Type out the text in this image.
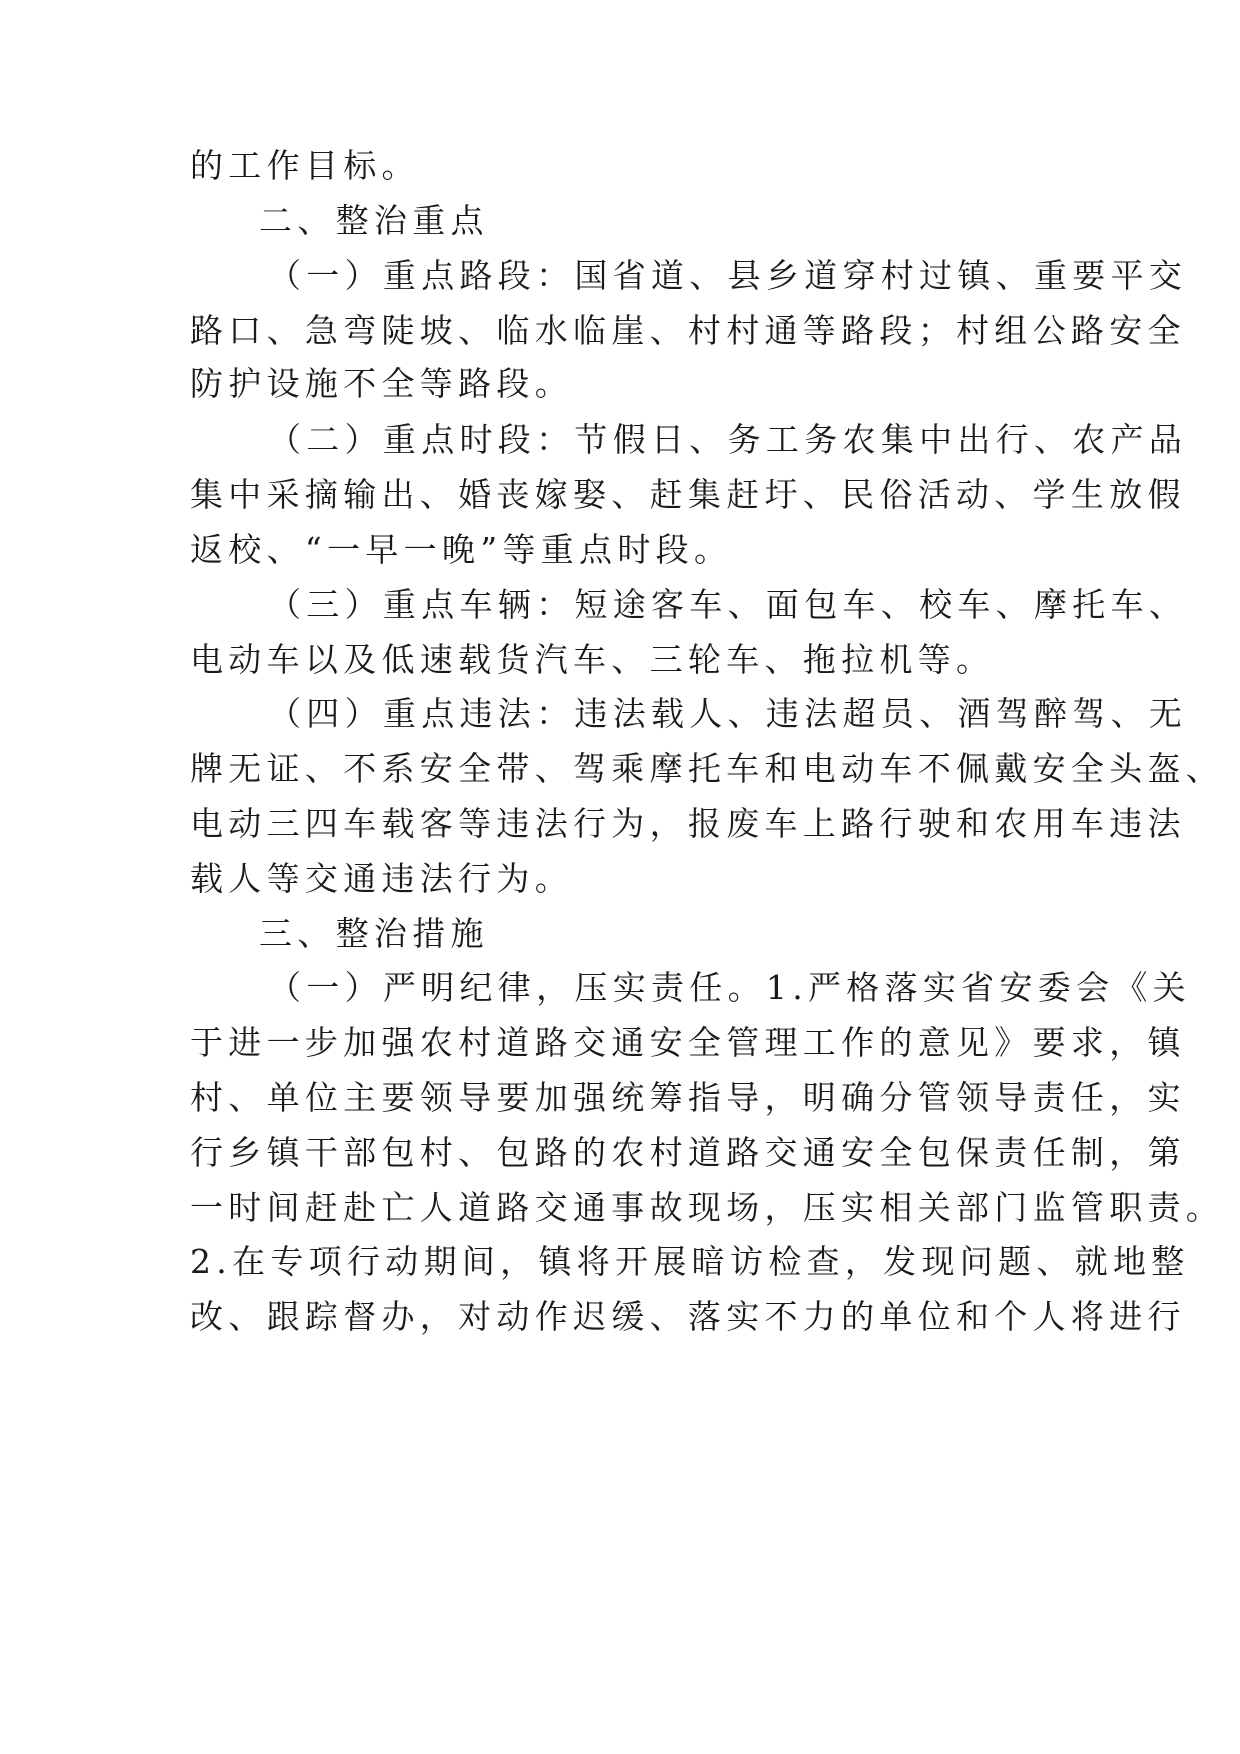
的工作目标。
二、整治重点
（一）重点路段：国省道、县乡道穿村过镇、重要平交
路口、急弯陡坡、临水临崖、村村通等路段；村组公路安全
防护设施不全等路段。
（二）重点时段：节假日、务工务农集中出行、农产品
集中采摘输出、婚丧嫁娶、赶集赶圩、民俗活动、学生放假
返校、“一早一晚”等重点时段。
（三）重点车辆：短途客车、面包车、校车、摩托车、
电动车以及低速载货汽车、三轮车、拖拉机等。
（四）重点违法：违法载人、违法超员、酒驾醉驾、无
牌无证、不系安全带、驾乘摩托车和电动车不佩戴安全头盔、
电动三四车载客等违法行为，报废车上路行驶和农用车违法
载人等交通违法行为。
三、整治措施
（一）严明纪律，压实责任。1.严格落实省安委会《关
于进一步加强农村道路交通安全管理工作的意见》要求，镇
村、单位主要领导要加强统筹指导，明确分管领导责任，实
行乡镇干部包村、包路的农村道路交通安全包保责任制，第
一时间赶赴亡人道路交通事故现场，压实相关部门监管职责。
2.在专项行动期间，镇将开展暗访检查，发现问题、就地整
改、跟踪督办，对动作迟缓、落实不力的单位和个人将进行
